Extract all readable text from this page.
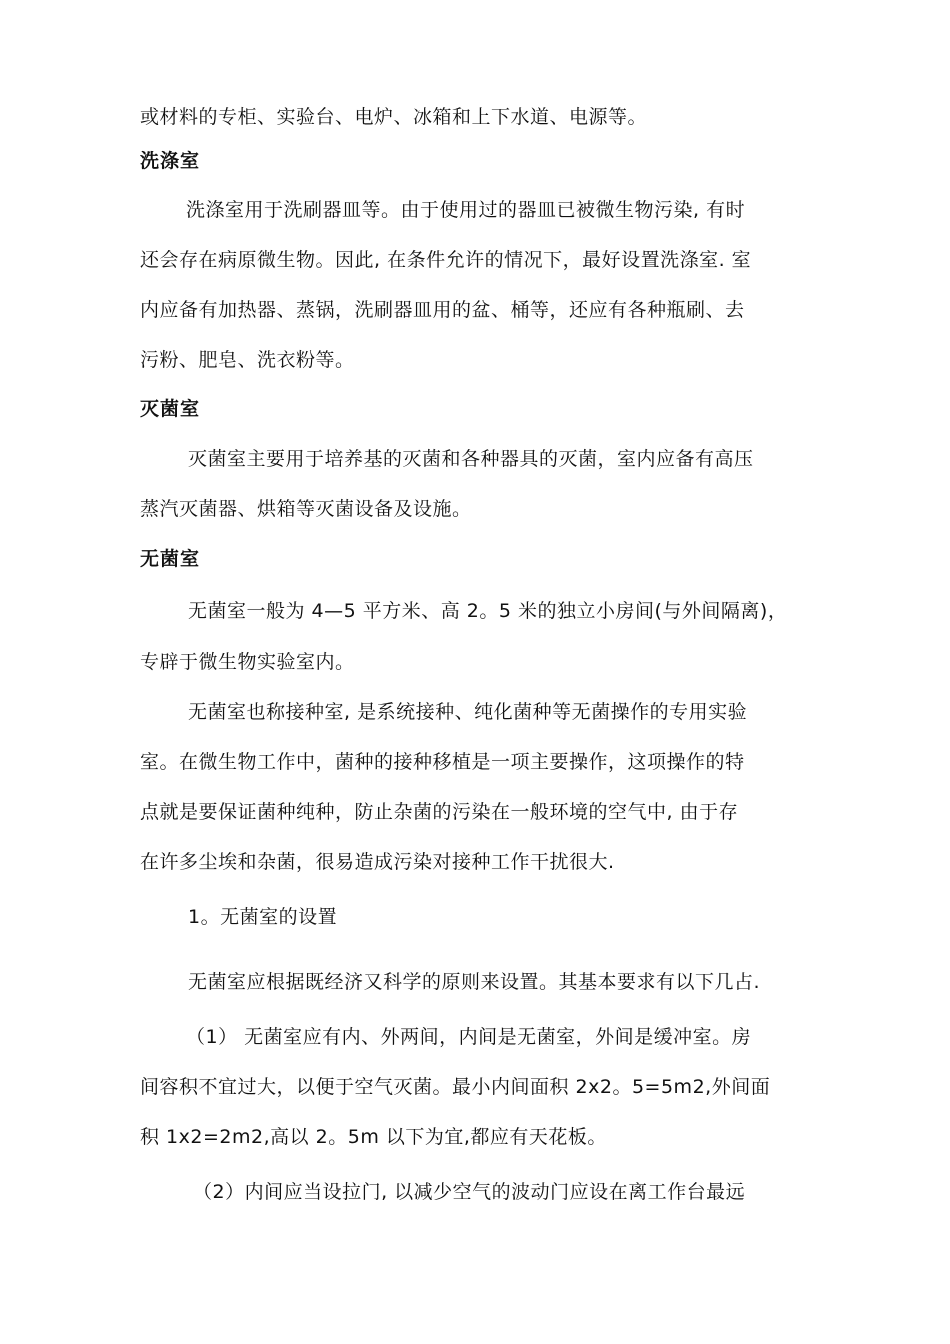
或材料的专柜、实验台、电炉、冰箱和上下水道、电源等。
洗涤室
洗涤室用于洗刷器皿等。由于使用过的器皿已被微生物污染, 有时
还会存在病原微生物。因此, 在条件允许的情况下，最好设置洗涤室. 室
内应备有加热器、蒸锅，洗刷器皿用的盆、桶等，还应有各种瓶刷、去
污粉、肥皂、洗衣粉等。
灭菌室
灭菌室主要用于培养基的灭菌和各种器具的灭菌，室内应备有高压
蒸汽灭菌器、烘箱等灭菌设备及设施。
无菌室
无菌室一般为 4—5 平方米、高 2。5 米的独立小房间(与外间隔离)，
专辟于微生物实验室内。
无菌室也称接种室, 是系统接种、纯化菌种等无菌操作的专用实验
室。在微生物工作中，菌种的接种移植是一项主要操作，这项操作的特
点就是要保证菌种纯种，防止杂菌的污染在一般环境的空气中, 由于存
在许多尘埃和杂菌，很易造成污染对接种工作干扰很大.
1。无菌室的设置
无菌室应根据既经济又科学的原则来设置。其基本要求有以下几占.
（1） 无菌室应有内、外两间，内间是无菌室，外间是缓冲室。房
间容积不宜过大，以便于空气灭菌。最小内间面积 2x2。5=5m2,外间面
积 1x2=2m2,高以 2。5m 以下为宜,都应有天花板。
（2）内间应当设拉门, 以减少空气的波动门应设在离工作台最远
